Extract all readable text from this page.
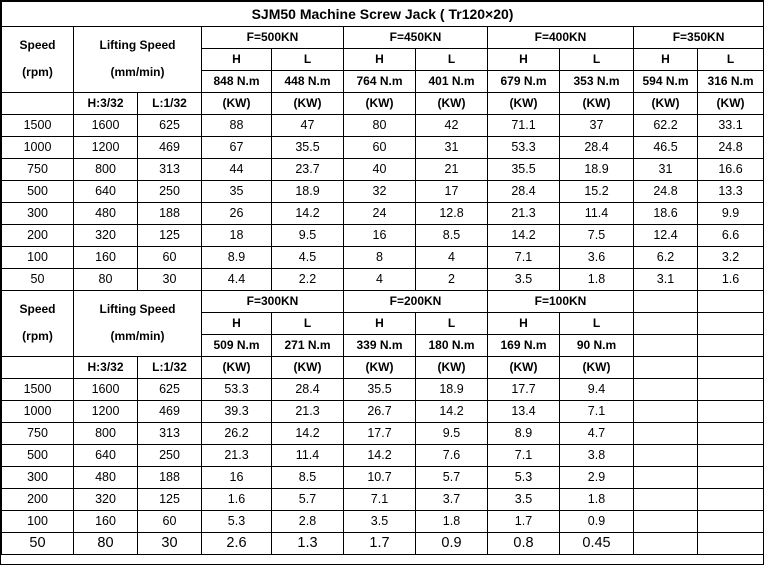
SJM50 Machine Screw Jack ( Tr120×20)										
Speed

(rpm)	Lifting Speed

(mm/min)		F=500KN		F=450KN		F=400KN		F=350KN	
			H	L	H	L	H	L	H	L
			848 N.m	448 N.m	764 N.m	401 N.m	679 N.m	353 N.m	594 N.m	316 N.m
	H:3/32	L:1/32	(KW)	(KW)	(KW)	(KW)	(KW)	(KW)	(KW)	(KW)
1500	1600	625	88	47	80	42	71.1	37	62.2	33.1
1000	1200	469	67	35.5	60	31	53.3	28.4	46.5	24.8
750	800	313	44	23.7	40	21	35.5	18.9	31	16.6
500	640	250	35	18.9	32	17	28.4	15.2	24.8	13.3
300	480	188	26	14.2	24	12.8	21.3	11.4	18.6	9.9
200	320	125	18	9.5	16	8.5	14.2	7.5	12.4	6.6
100	160	60	8.9	4.5	8	4	7.1	3.6	6.2	3.2
50	80	30	4.4	2.2	4	2	3.5	1.8	3.1	1.6
Speed

(rpm)	Lifting Speed

(mm/min)		F=300KN		F=200KN		F=100KN			
			H	L	H	L	H	L		
			509 N.m	271 N.m	339 N.m	180 N.m	169 N.m	90 N.m		
	H:3/32	L:1/32	(KW)	(KW)	(KW)	(KW)	(KW)	(KW)		
1500	1600	625	53.3	28.4	35.5	18.9	17.7	9.4		
1000	1200	469	39.3	21.3	26.7	14.2	13.4	7.1		
750	800	313	26.2	14.2	17.7	9.5	8.9	4.7		
500	640	250	21.3	11.4	14.2	7.6	7.1	3.8		
300	480	188	16	8.5	10.7	5.7	5.3	2.9		
200	320	125	1.6	5.7	7.1	3.7	3.5	1.8		
100	160	60	5.3	2.8	3.5	1.8	1.7	0.9		
50	80	30	2.6	1.3	1.7	0.9	0.8	0.45		
